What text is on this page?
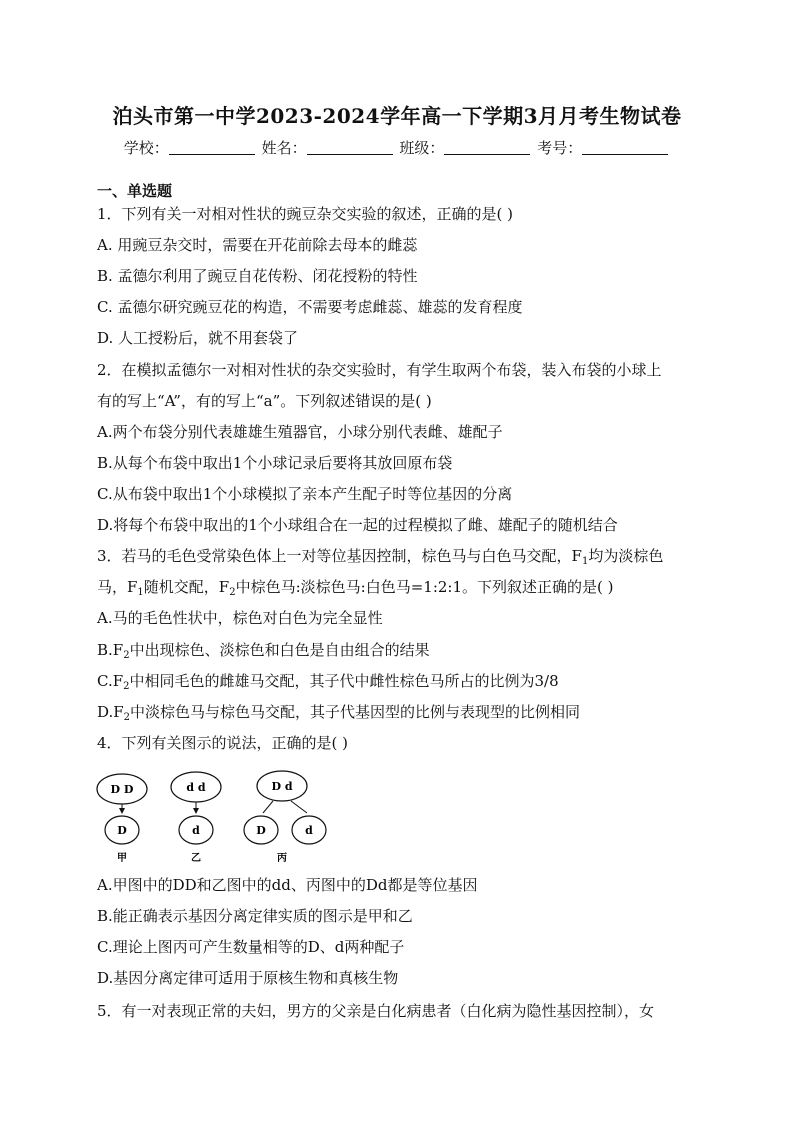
泊头市第一中学2023-2024学年高一下学期3月月考生物试卷
学校：	姓名：	班级：	考号：
一、单选题
1．下列有关一对相对性状的豌豆杂交实验的叙述，正确的是( )
A. 用豌豆杂交时，需要在开花前除去母本的雌蕊
B. 孟德尔利用了豌豆自花传粉、闭花授粉的特性
C. 孟德尔研究豌豆花的构造，不需要考虑雌蕊、雄蕊的发育程度
D. 人工授粉后，就不用套袋了
2．在模拟孟德尔一对相对性状的杂交实验时，有学生取两个布袋，装入布袋的小球上
有的写上“A”，有的写上“a”。下列叙述错误的是( )
A.两个布袋分别代表雄雄生殖器官，小球分别代表雌、雄配子
B.从每个布袋中取出1个小球记录后要将其放回原布袋
C.从布袋中取出1个小球模拟了亲本产生配子时等位基因的分离
D.将每个布袋中取出的1个小球组合在一起的过程模拟了雌、雄配子的随机结合
3．若马的毛色受常染色体上一对等位基因控制，棕色马与白色马交配，$F_1$均为淡棕色
马，$F_1$随机交配，$F_2$中棕色马:淡棕色马:白色马=1:2:1。下列叙述正确的是( )
A.马的毛色性状中，棕色对白色为完全显性
$B.F_2$中出现棕色、淡棕色和白色是自由组合的结果
$C.F_2$中相同毛色的雌雄马交配，其子代中雌性棕色马所占的比例为3/8
$D.F_2$中淡棕色马与棕色马交配，其子代基因型的比例与表现型的比例相同
4．下列有关图示的说法，正确的是( )
D D
D
甲
d d
d
乙
D d
D	d
丙
A.甲图中的DD和乙图中的dd、丙图中的Dd都是等位基因
B.能正确表示基因分离定律实质的图示是甲和乙
C.理论上图丙可产生数量相等的D、d两种配子
D.基因分离定律可适用于原核生物和真核生物
5．有一对表现正常的夫妇，男方的父亲是白化病患者（白化病为隐性基因控制），女
